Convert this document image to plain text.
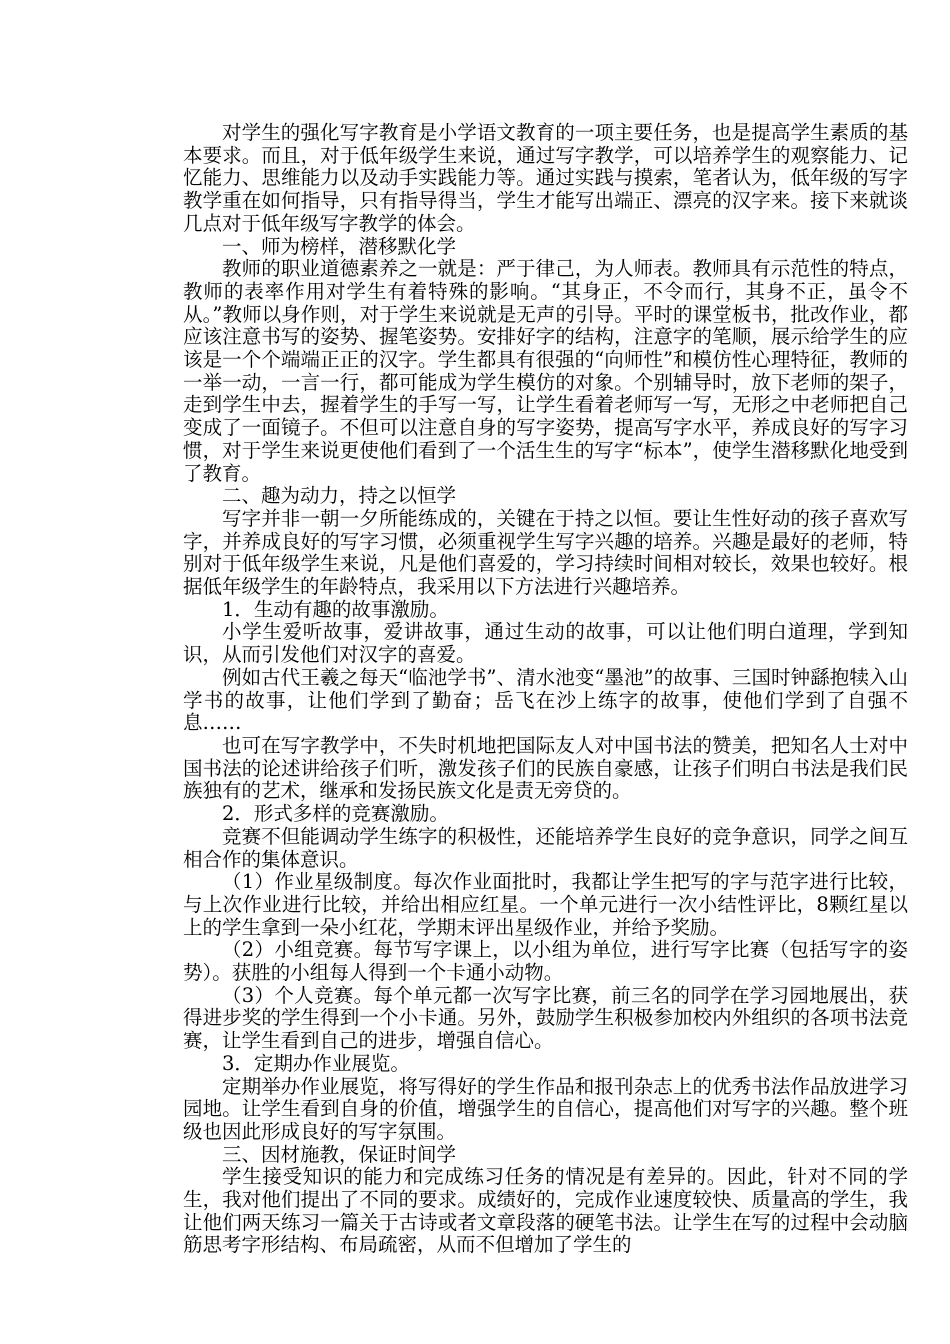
对学生的强化写字教育是小学语文教育的一项主要任务，也是提高学生素质的基本要求。而且，对于低年级学生来说，通过写字教学，可以培养学生的观察能力、记忆能力、思维能力以及动手实践能力等。通过实践与摸索，笔者认为，低年级的写字教学重在如何指导，只有指导得当，学生才能写出端正、漂亮的汉字来。接下来就谈几点对于低年级写字教学的体会。

一、师为榜样，潜移默化学

教师的职业道德素养之一就是：严于律己，为人师表。教师具有示范性的特点，教师的表率作用对学生有着特殊的影响。“其身正，不令而行，其身不正，虽令不从。”教师以身作则，对于学生来说就是无声的引导。平时的课堂板书，批改作业，都应该注意书写的姿势、握笔姿势。安排好字的结构，注意字的笔顺，展示给学生的应该是一个个端端正正的汉字。学生都具有很强的“向师性”和模仿性心理特征，教师的一举一动，一言一行，都可能成为学生模仿的对象。个别辅导时，放下老师的架子，走到学生中去，握着学生的手写一写，让学生看着老师写一写，无形之中老师把自己变成了一面镜子。不但可以注意自身的写字姿势，提高写字水平，养成良好的写字习惯，对于学生来说更使他们看到了一个活生生的写字“标本”，使学生潜移默化地受到了教育。

二、趣为动力，持之以恒学

写字并非一朝一夕所能练成的，关键在于持之以恒。要让生性好动的孩子喜欢写字，并养成良好的写字习惯，必须重视学生写字兴趣的培养。兴趣是最好的老师，特别对于低年级学生来说，凡是他们喜爱的，学习持续时间相对较长，效果也较好。根据低年级学生的年龄特点，我采用以下方法进行兴趣培养。

1．生动有趣的故事激励。

小学生爱听故事，爱讲故事，通过生动的故事，可以让他们明白道理，学到知识，从而引发他们对汉字的喜爱。

例如古代王羲之每天“临池学书”、清水池变“墨池”的故事、三国时钟繇抱犊入山学书的故事，让他们学到了勤奋；岳飞在沙上练字的故事，使他们学到了自强不息……

也可在写字教学中，不失时机地把国际友人对中国书法的赞美，把知名人士对中国书法的论述讲给孩子们听，激发孩子们的民族自豪感，让孩子们明白书法是我们民族独有的艺术，继承和发扬民族文化是责无旁贷的。

2．形式多样的竞赛激励。

竞赛不但能调动学生练字的积极性，还能培养学生良好的竞争意识，同学之间互相合作的集体意识。

（1）作业星级制度。每次作业面批时，我都让学生把写的字与范字进行比较，与上次作业进行比较，并给出相应红星。一个单元进行一次小结性评比，8颗红星以上的学生拿到一朵小红花，学期末评出星级作业，并给予奖励。

（2）小组竞赛。每节写字课上，以小组为单位，进行写字比赛（包括写字的姿势）。获胜的小组每人得到一个卡通小动物。

（3）个人竞赛。每个单元都一次写字比赛，前三名的同学在学习园地展出，获得进步奖的学生得到一个小卡通。另外，鼓励学生积极参加校内外组织的各项书法竞赛，让学生看到自己的进步，增强自信心。

3．定期办作业展览。

定期举办作业展览，将写得好的学生作品和报刊杂志上的优秀书法作品放进学习园地。让学生看到自身的价值，增强学生的自信心，提高他们对写字的兴趣。整个班级也因此形成良好的写字氛围。

三、因材施教，保证时间学

学生接受知识的能力和完成练习任务的情况是有差异的。因此，针对不同的学生，我对他们提出了不同的要求。成绩好的，完成作业速度较快、质量高的学生，我让他们两天练习一篇关于古诗或者文章段落的硬笔书法。让学生在写的过程中会动脑筋思考字形结构、布局疏密，从而不但增加了学生的
